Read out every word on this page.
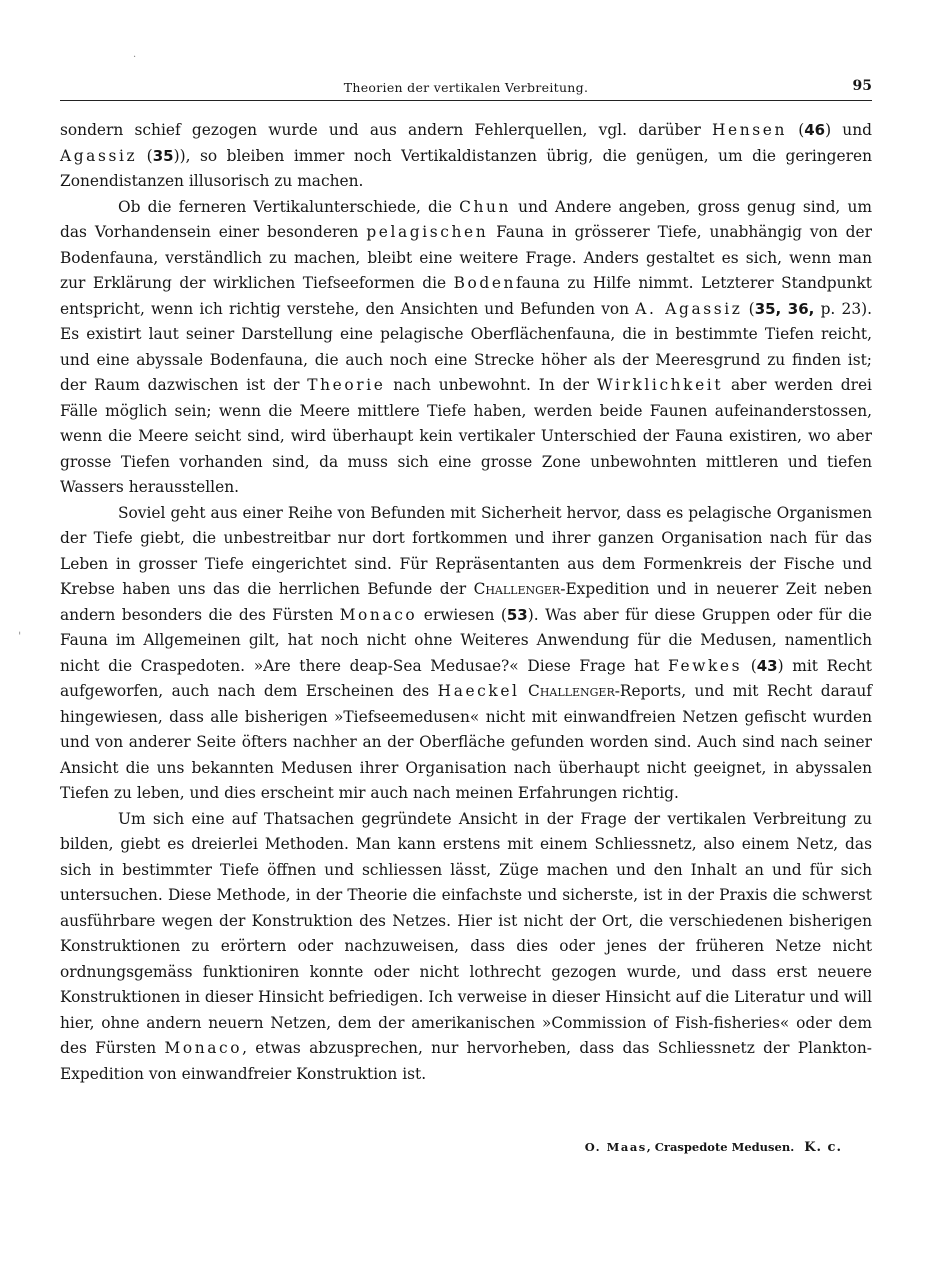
Theorien der vertikalen Verbreitung.	95

sondern schief gezogen wurde und aus andern Fehlerquellen, vgl. darüber Hensen (46) und Agassiz (35)), so bleiben immer noch Vertikaldistanzen übrig, die genügen, um die geringeren Zonendistanzen illusorisch zu machen.

Ob die ferneren Vertikalunterschiede, die Chun und Andere angeben, gross genug sind, um das Vorhandensein einer besonderen pelagischen Fauna in grösserer Tiefe, unabhängig von der Bodenfauna, verständlich zu machen, bleibt eine weitere Frage. Anders gestaltet es sich, wenn man zur Erklärung der wirklichen Tiefseeformen die Bodenfauna zu Hilfe nimmt. Letzterer Standpunkt entspricht, wenn ich richtig verstehe, den Ansichten und Befunden von A. Agassiz (35, 36, p. 23). Es existirt laut seiner Darstellung eine pelagische Oberflächenfauna, die in bestimmte Tiefen reicht, und eine abyssale Bodenfauna, die auch noch eine Strecke höher als der Meeresgrund zu finden ist; der Raum dazwischen ist der Theorie nach unbewohnt. In der Wirklichkeit aber werden drei Fälle möglich sein; wenn die Meere mittlere Tiefe haben, werden beide Faunen aufeinanderstossen, wenn die Meere seicht sind, wird überhaupt kein vertikaler Unterschied der Fauna existiren, wo aber grosse Tiefen vorhanden sind, da muss sich eine grosse Zone unbewohnten mittleren und tiefen Wassers herausstellen.

Soviel geht aus einer Reihe von Befunden mit Sicherheit hervor, dass es pelagische Organismen der Tiefe giebt, die unbestreitbar nur dort fortkommen und ihrer ganzen Organisation nach für das Leben in grosser Tiefe eingerichtet sind. Für Repräsentanten aus dem Formenkreis der Fische und Krebse haben uns das die herrlichen Befunde der Challenger-Expedition und in neuerer Zeit neben andern besonders die des Fürsten Monaco erwiesen (53). Was aber für diese Gruppen oder für die Fauna im Allgemeinen gilt, hat noch nicht ohne Weiteres Anwendung für die Medusen, namentlich nicht die Craspedoten. »Are there deap-Sea Medusae?« Diese Frage hat Fewkes (43) mit Recht aufgeworfen, auch nach dem Erscheinen des Haeckel Challenger-Reports, und mit Recht darauf hingewiesen, dass alle bisherigen »Tiefseemedusen« nicht mit einwandfreien Netzen gefischt wurden und von anderer Seite öfters nachher an der Oberfläche gefunden worden sind. Auch sind nach seiner Ansicht die uns bekannten Medusen ihrer Organisation nach überhaupt nicht geeignet, in abyssalen Tiefen zu leben, und dies erscheint mir auch nach meinen Erfahrungen richtig.

Um sich eine auf Thatsachen gegründete Ansicht in der Frage der vertikalen Verbreitung zu bilden, giebt es dreierlei Methoden. Man kann erstens mit einem Schliessnetz, also einem Netz, das sich in bestimmter Tiefe öffnen und schliessen lässt, Züge machen und den Inhalt an und für sich untersuchen. Diese Methode, in der Theorie die einfachste und sicherste, ist in der Praxis die schwerst ausführbare wegen der Konstruktion des Netzes. Hier ist nicht der Ort, die verschiedenen bisherigen Konstruktionen zu erörtern oder nachzuweisen, dass dies oder jenes der früheren Netze nicht ordnungsgemäss funktioniren konnte oder nicht lothrecht gezogen wurde, und dass erst neuere Konstruktionen in dieser Hinsicht befriedigen. Ich verweise in dieser Hinsicht auf die Literatur und will hier, ohne andern neuern Netzen, dem der amerikanischen »Commission of Fish-fisheries« oder dem des Fürsten Monaco, etwas abzusprechen, nur hervorheben, dass das Schliessnetz der Plankton-Expedition von einwandfreier Konstruktion ist.

O. Maas, Craspedote Medusen. K. c.
·
ˌ
